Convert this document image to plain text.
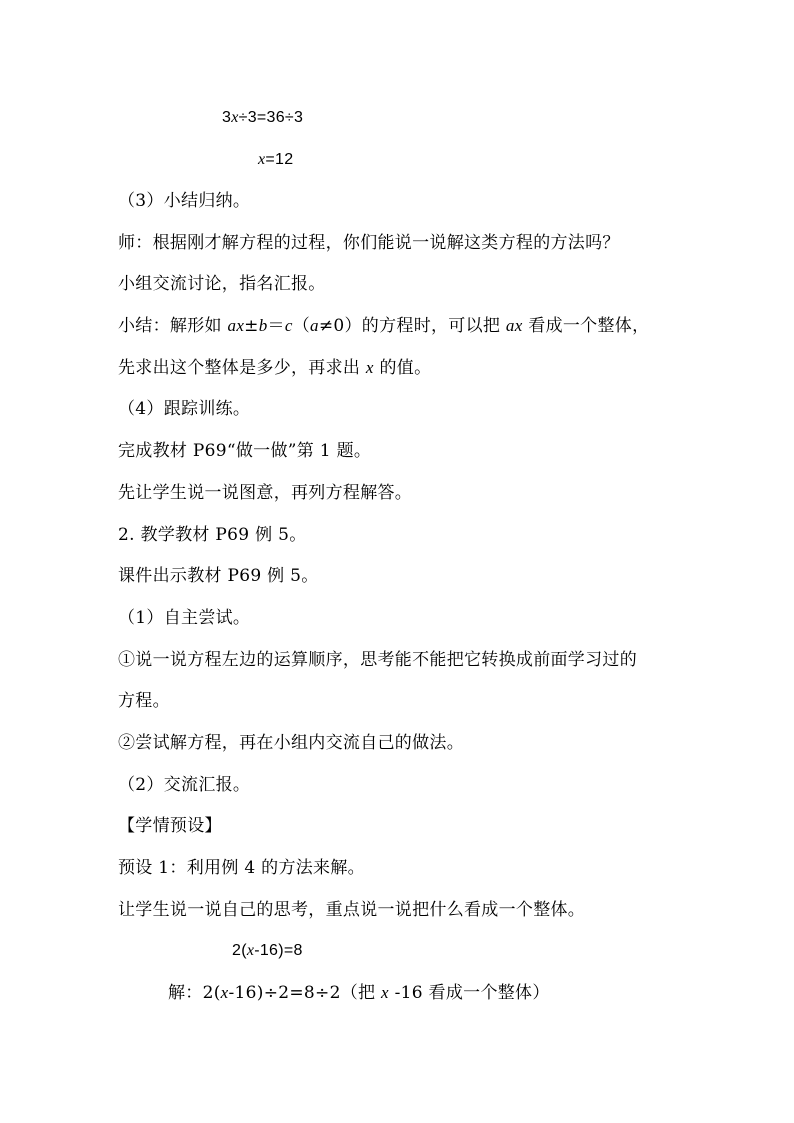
3x÷3=36÷3
x=12
（3）小结归纳。
师：根据刚才解方程的过程，你们能说一说解这类方程的方法吗？
小组交流讨论，指名汇报。
小结：解形如 ax±b＝c（a≠0）的方程时，可以把 ax 看成一个整体，
先求出这个整体是多少，再求出 x 的值。
（4）跟踪训练。
完成教材 P69“做一做”第 1 题。
先让学生说一说图意，再列方程解答。
2. 教学教材 P69 例 5。
课件出示教材 P69 例 5。
（1）自主尝试。
①说一说方程左边的运算顺序，思考能不能把它转换成前面学习过的
方程。
②尝试解方程，再在小组内交流自己的做法。
（2）交流汇报。
【学情预设】
预设 1：利用例 4 的方法来解。
让学生说一说自己的思考，重点说一说把什么看成一个整体。
2(x-16)=8
解：2(x-16)÷2=8÷2（把 x -16 看成一个整体）
